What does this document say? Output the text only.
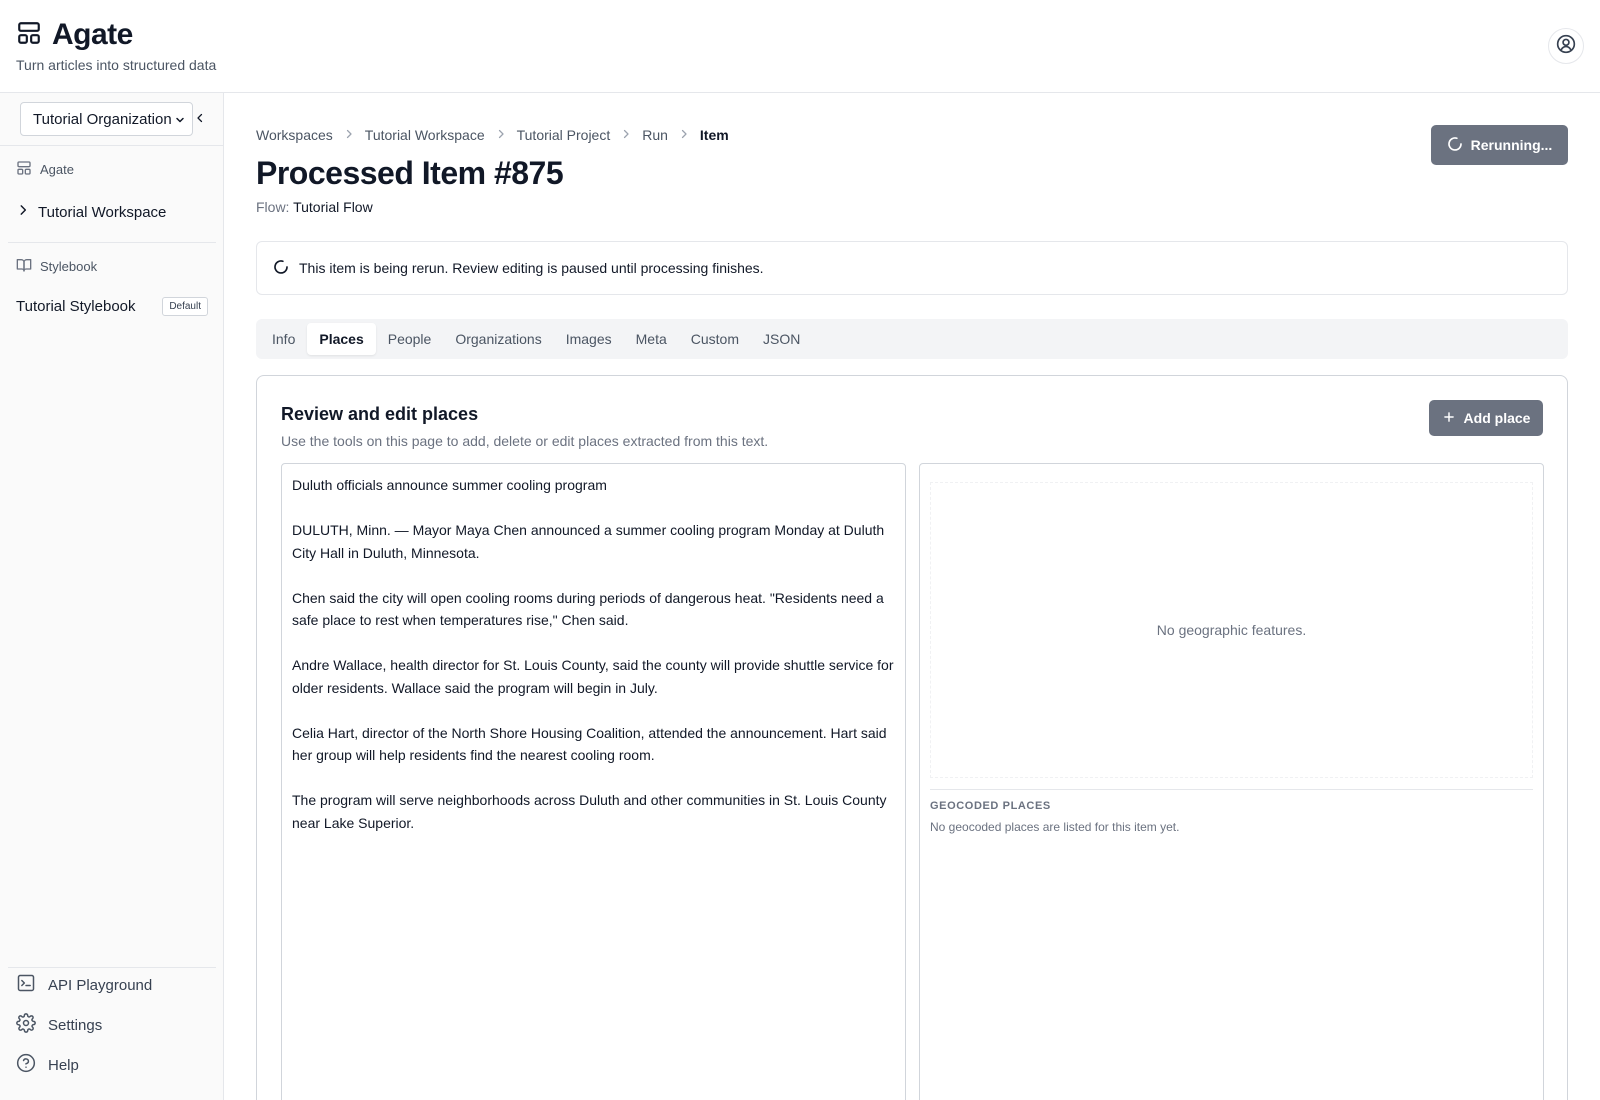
Agate
Turn articles into structured data
Tutorial Organization
Agate
Tutorial Workspace
Stylebook
Tutorial Stylebook	Default
API Playground
Settings
Help
Workspaces Tutorial Workspace Tutorial Project Run Item
Rerunning...
Processed Item #875
Flow: Tutorial Flow
This item is being rerun. Review editing is paused until processing finishes.
Info	Places	People	Organizations	Images	Meta	Custom	JSON
Review and edit places

Use the tools on this page to add, delete or edit places extracted from this text.

Add place

Duluth officials announce summer cooling program

DULUTH, Minn. — Mayor Maya Chen announced a summer cooling program Monday at Duluth City Hall in Duluth, Minnesota.

Chen said the city will open cooling rooms during periods of dangerous heat. "Residents need a safe place to rest when temperatures rise," Chen said.

Andre Wallace, health director for St. Louis County, said the county will provide shuttle service for older residents. Wallace said the program will begin in July.

Celia Hart, director of the North Shore Housing Coalition, attended the announcement. Hart said her group will help residents find the nearest cooling room.

The program will serve neighborhoods across Duluth and other communities in St. Louis County near Lake Superior.

No geographic features.
GEOCODED PLACES
No geocoded places are listed for this item yet.
